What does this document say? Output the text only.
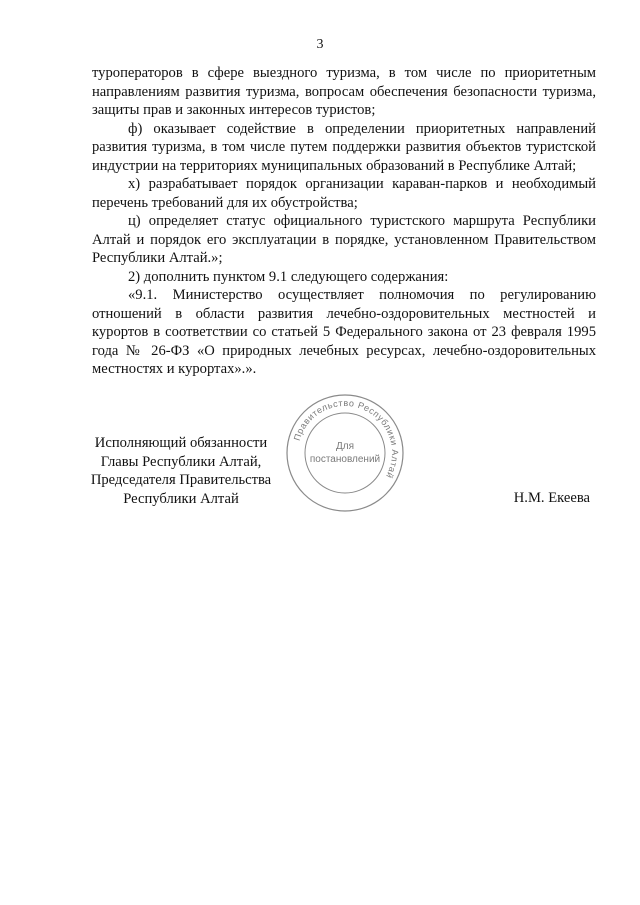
3

туроператоров в сфере выездного туризма, в том числе по приоритетным направлениям развития туризма, вопросам обеспечения безопасности туризма, защиты прав и законных интересов туристов;

ф) оказывает содействие в определении приоритетных направлений развития туризма, в том числе путем поддержки развития объектов туристской индустрии на территориях муниципальных образований в Республике Алтай;

х) разрабатывает порядок организации караван-парков и необходимый перечень требований для их обустройства;

ц) определяет статус официального туристского маршрута Республики Алтай и порядок его эксплуатации в порядке, установленном Правительством Республики Алтай.»;

2) дополнить пунктом 9.1 следующего содержания:

«9.1. Министерство осуществляет полномочия по регулированию отношений в области развития лечебно-оздоровительных местностей и курортов в соответствии со статьей 5 Федерального закона от 23 февраля 1995 года № 26-ФЗ «О природных лечебных ресурсах, лечебно-оздоровительных местностях и курортах».».

Исполняющий обязанности
Главы Республики Алтай,
Председателя Правительства
Республики Алтай	Н.М. Екеева
Правительство Республики Алтай
Для
постановлений
